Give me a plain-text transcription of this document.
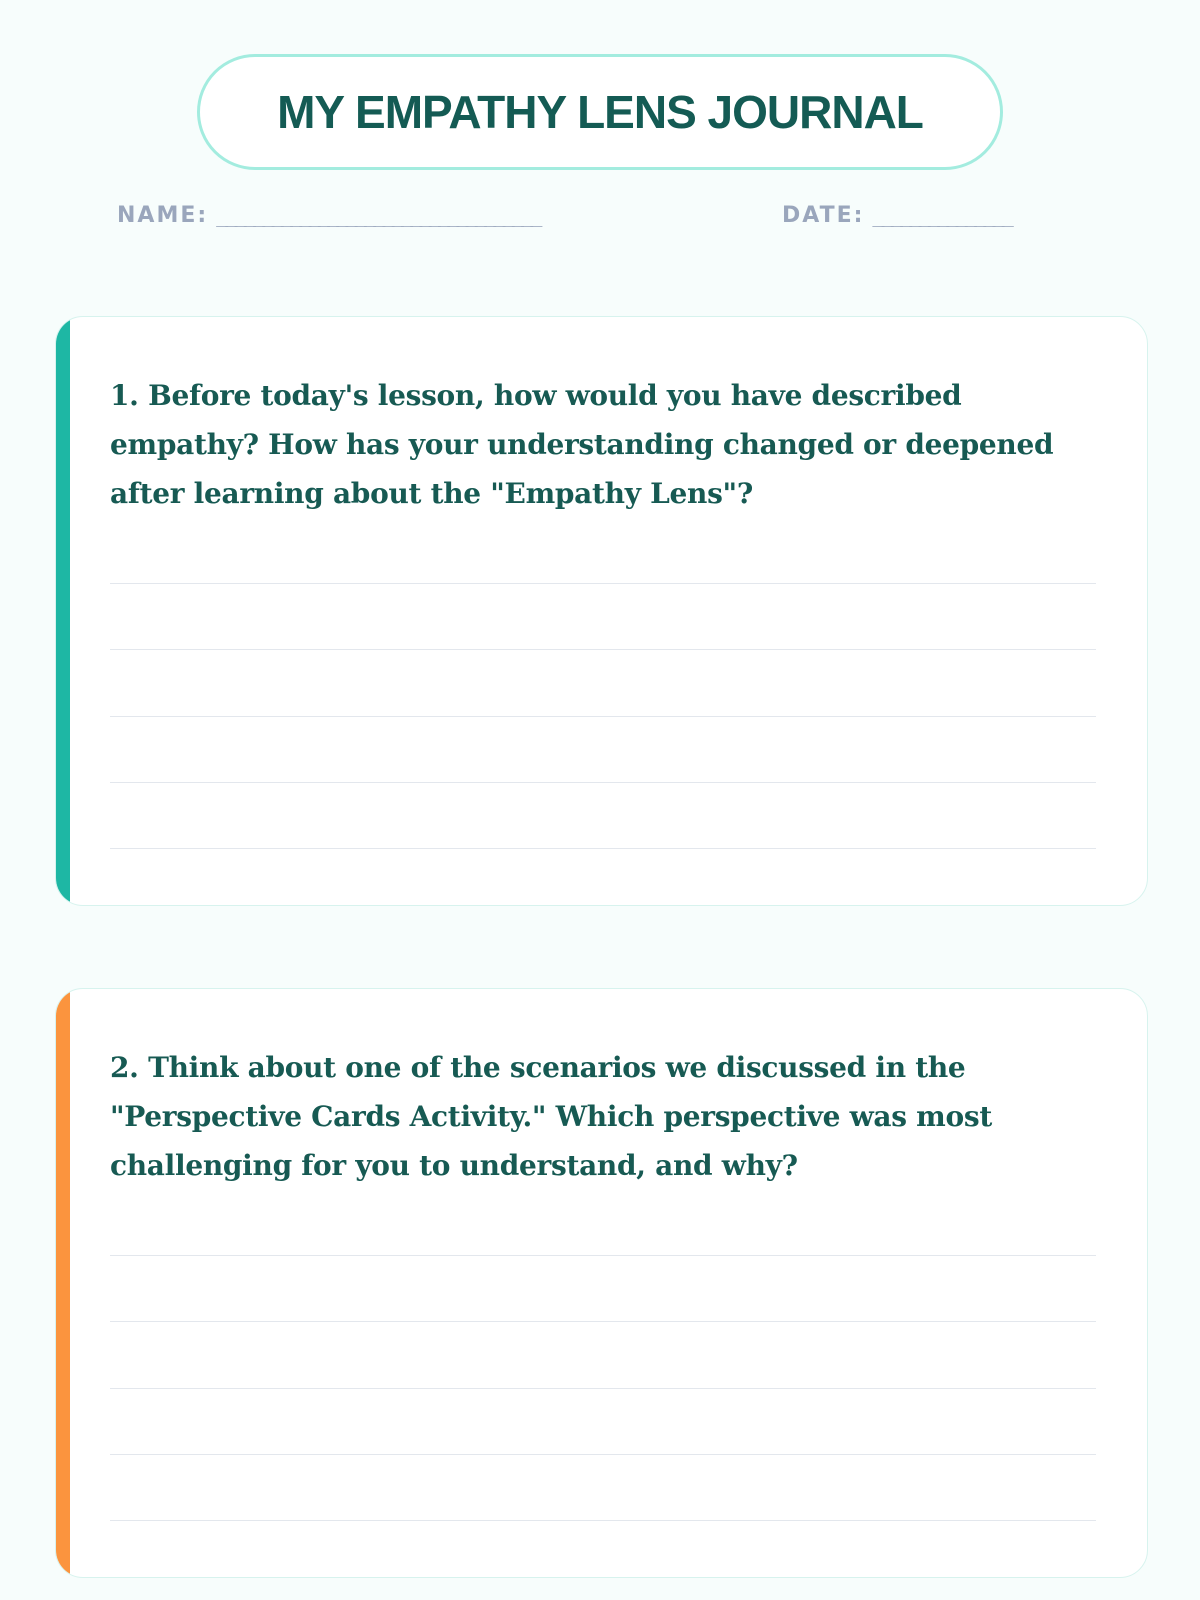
MY EMPATHY LENS JOURNAL
NAME: ___________________________________	DATE: _______________

1. Before today's lesson, how would you have described empathy? How has your understanding changed or deepened after learning about the "Empathy Lens"?

2. Think about one of the scenarios we discussed in the "Perspective Cards Activity." Which perspective was most challenging for you to understand, and why?
